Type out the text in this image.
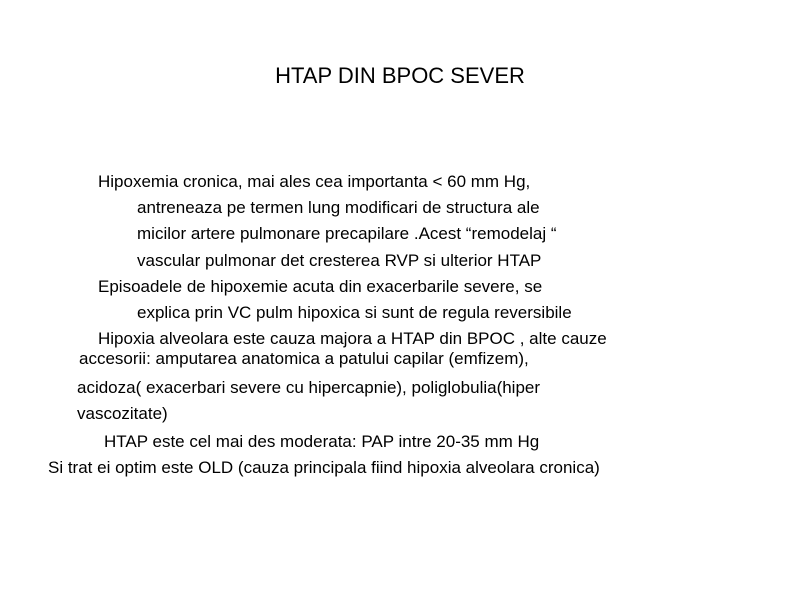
HTAP DIN BPOC SEVER
Hipoxemia cronica, mai ales cea importanta < 60 mm Hg,
antreneaza pe termen lung modificari de structura ale
micilor artere pulmonare precapilare .Acest “remodelaj “
vascular pulmonar det cresterea RVP si ulterior HTAP
Episoadele de hipoxemie acuta din exacerbarile severe, se
explica prin VC pulm hipoxica si sunt de regula reversibile
Hipoxia alveolara este cauza majora a HTAP din BPOC , alte cauze
accesorii: amputarea anatomica a patului capilar (emfizem),
acidoza( exacerbari severe cu hipercapnie), poliglobulia(hiper
vascozitate)
HTAP este cel mai des moderata: PAP intre 20-35 mm Hg
Si trat ei optim este OLD (cauza principala fiind hipoxia alveolara cronica)
